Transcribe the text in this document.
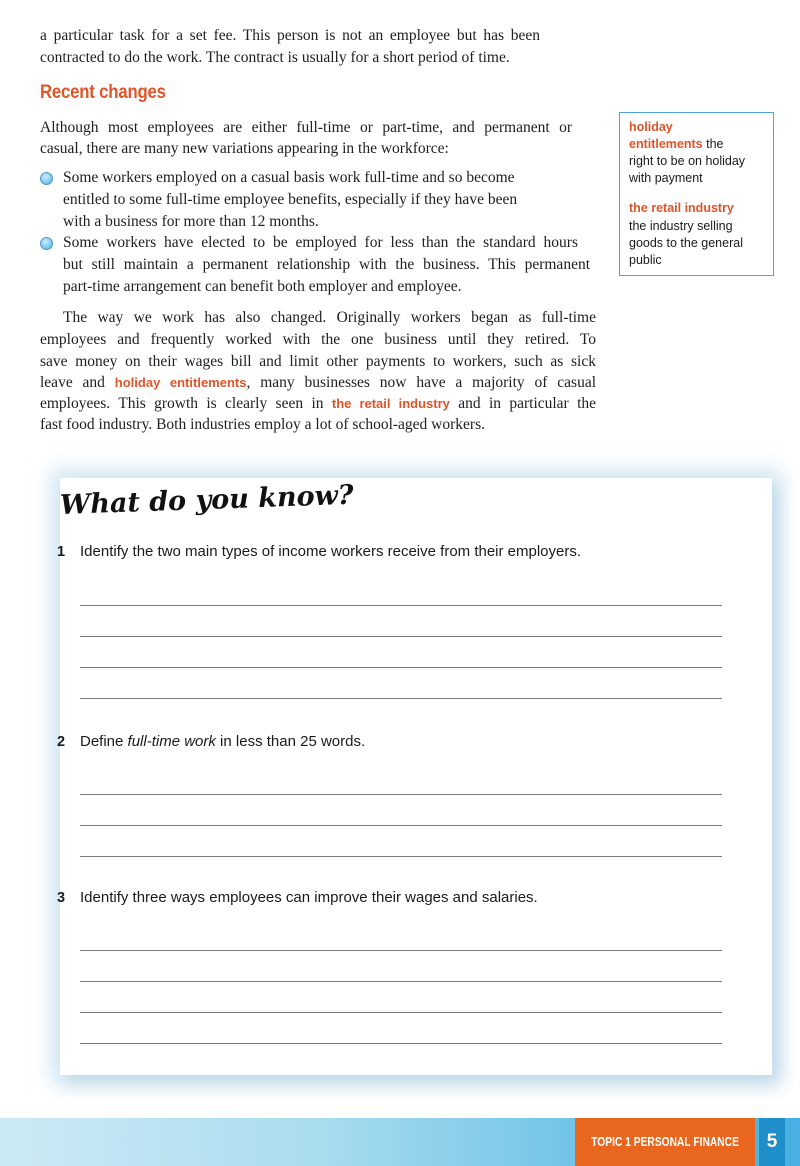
a particular task for a set fee. This person is not an employee but has been
contracted to do the work. The contract is usually for a short period of time.
Recent changes
Although most employees are either full-time or part-time, and permanent or
casual, there are many new variations appearing in the workforce:
Some workers employed on a casual basis work full-time and so become
entitled to some full-time employee benefits, especially if they have been
with a business for more than 12 months.
Some workers have elected to be employed for less than the standard hours
but still maintain a permanent relationship with the business. This permanent
part-time arrangement can benefit both employer and employee.
The way we work has also changed. Originally workers began as full-time
employees and frequently worked with the one business until they retired. To
save money on their wages bill and limit other payments to workers, such as sick
leave and holiday entitlements, many businesses now have a majority of casual
employees. This growth is clearly seen in the retail industry and in particular the
fast food industry. Both industries employ a lot of school-aged workers.
holiday
entitlements the
right to be on holiday
with payment
the retail industry
the industry selling
goods to the general
public
What do you know?
1 Identify the two main types of income workers receive from their employers.
2 Define full-time work in less than 25 words.
3 Identify three ways employees can improve their wages and salaries.
TOPIC 1 PERSONAL FINANCE	5
